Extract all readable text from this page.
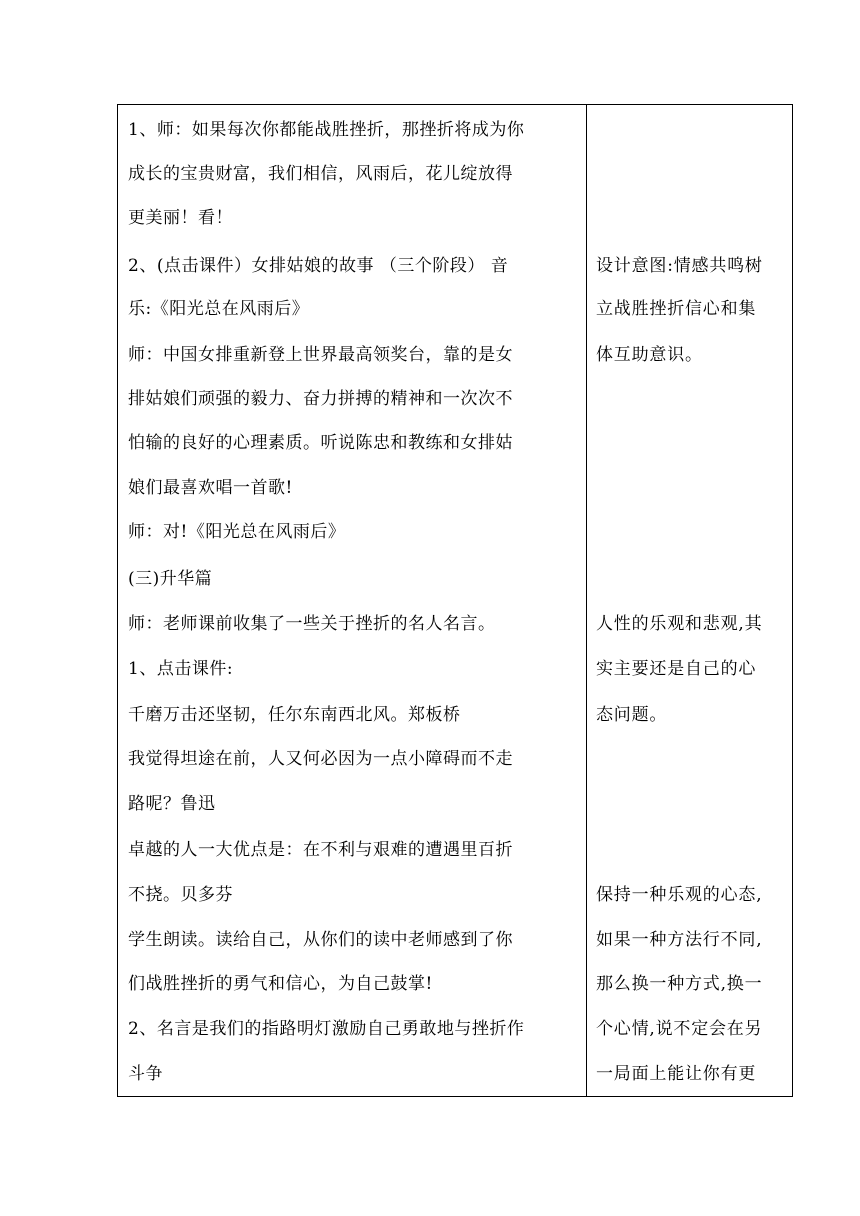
1、师：如果每次你都能战胜挫折，那挫折将成为你
成长的宝贵财富，我们相信，风雨后，花儿绽放得
更美丽！看！
2、(点击课件）女排姑娘的故事 （三个阶段） 音
乐:《阳光总在风雨后》
师：中国女排重新登上世界最高领奖台，靠的是女
排姑娘们顽强的毅力、奋力拼搏的精神和一次次不
怕输的良好的心理素质。听说陈忠和教练和女排姑
娘们最喜欢唱一首歌!
师：对!《阳光总在风雨后》
(三)升华篇
师：老师课前收集了一些关于挫折的名人名言。
1、点击课件:
千磨万击还坚韧，任尔东南西北风。郑板桥
我觉得坦途在前，人又何必因为一点小障碍而不走
路呢？鲁迅
卓越的人一大优点是：在不利与艰难的遭遇里百折
不挠。贝多芬
学生朗读。读给自己，从你们的读中老师感到了你
们战胜挫折的勇气和信心，为自己鼓掌!
2、名言是我们的指路明灯激励自己勇敢地与挫折作
斗争
设计意图:情感共鸣树
立战胜挫折信心和集
体互助意识。
人性的乐观和悲观,其
实主要还是自己的心
态问题。
保持一种乐观的心态,
如果一种方法行不同,
那么换一种方式,换一
个心情,说不定会在另
一局面上能让你有更
